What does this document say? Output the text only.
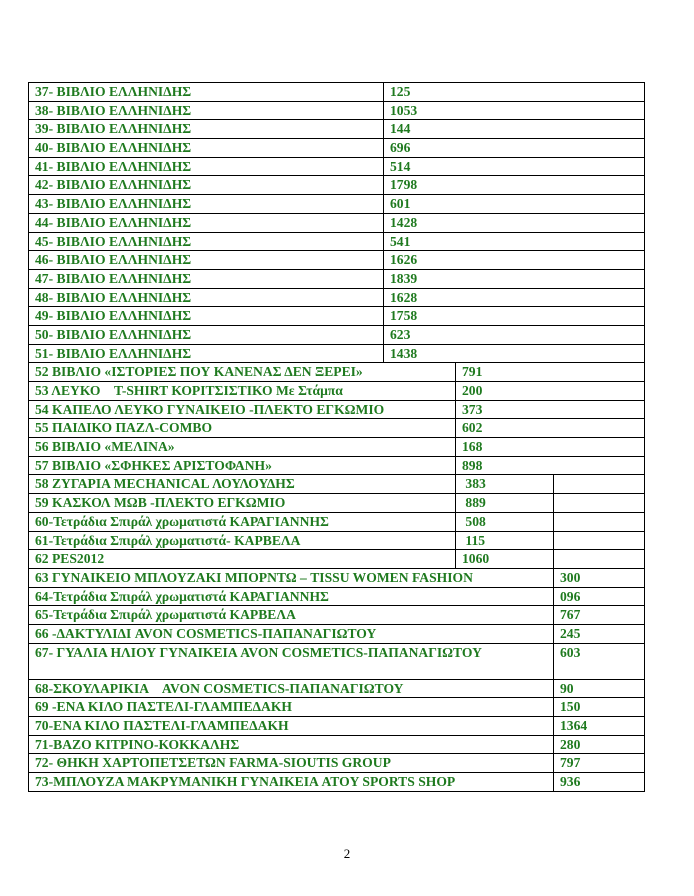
37- ΒΙΒΛΙΟ ΕΛΛΗΝΙΔΗΣ	125		
38- ΒΙΒΛΙΟ ΕΛΛΗΝΙΔΗΣ	1053		
39- ΒΙΒΛΙΟ ΕΛΛΗΝΙΔΗΣ	144		
40- ΒΙΒΛΙΟ ΕΛΛΗΝΙΔΗΣ	696		
41- ΒΙΒΛΙΟ ΕΛΛΗΝΙΔΗΣ	514		
42- ΒΙΒΛΙΟ ΕΛΛΗΝΙΔΗΣ	1798		
43- ΒΙΒΛΙΟ ΕΛΛΗΝΙΔΗΣ	601		
44- ΒΙΒΛΙΟ ΕΛΛΗΝΙΔΗΣ	1428		
45- ΒΙΒΛΙΟ ΕΛΛΗΝΙΔΗΣ	541		
46- ΒΙΒΛΙΟ ΕΛΛΗΝΙΔΗΣ	1626		
47- ΒΙΒΛΙΟ ΕΛΛΗΝΙΔΗΣ	1839		
48- ΒΙΒΛΙΟ ΕΛΛΗΝΙΔΗΣ	1628		
49- ΒΙΒΛΙΟ ΕΛΛΗΝΙΔΗΣ	1758		
50- ΒΙΒΛΙΟ ΕΛΛΗΝΙΔΗΣ	623		
51- ΒΙΒΛΙΟ ΕΛΛΗΝΙΔΗΣ	1438		
52 ΒΙΒΛΙΟ «ΙΣΤΟΡΙΕΣ ΠΟΥ ΚΑΝΕΝΑΣ ΔΕΝ ΞΕΡΕΙ»		791	
53 ΛΕΥΚΟ    T-SHIRT ΚΟΡΙΤΣΙΣΤΙΚΟ Με Στάμπα		200	
54 ΚΑΠΕΛΟ ΛΕΥΚΟ ΓΥΝΑΙΚΕΙΟ -ΠΛΕΚΤΟ ΕΓΚΩΜΙΟ		373	
55 ΠΑΙΔΙΚΟ ΠΑΖΛ-COMBO		602	
56 ΒΙΒΛΙΟ «ΜΕΛΙΝΑ»		168	
57 ΒΙΒΛΙΟ «ΣΦΗΚΕΣ ΑΡΙΣΤΟΦΑΝΗ»		898	
58 ΖΥΓΑΡΙΑ MECHANICAL ΛΟΥΛΟΥΔΗΣ		383	
59 ΚΑΣΚΟΛ ΜΩΒ -ΠΛΕΚΤΟ ΕΓΚΩΜΙΟ		889	
60-Τετράδια Σπιράλ χρωματιστά ΚΑΡΑΓΙΑΝΝΗΣ		508	
61-Τετράδια Σπιράλ χρωματιστά- ΚΑΡΒΕΛΑ		115	
62 PES2012		1060	
63 ΓΥΝΑΙΚΕΙΟ ΜΠΛΟΥΖΑΚΙ ΜΠΟΡΝΤΩ – TISSU WOMEN FASHION			300
64-Τετράδια Σπιράλ χρωματιστά ΚΑΡΑΓΙΑΝΝΗΣ			096
65-Τετράδια Σπιράλ χρωματιστά ΚΑΡΒΕΛΑ			767
66 -ΔΑΚΤΥΛΙΔΙ AVON COSMETICS-ΠΑΠΑΝΑΓΙΩΤΟΥ			245
67- ΓΥΑΛΙΑ ΗΛΙΟΥ ΓΥΝΑΙΚΕΙΑ AVON COSMETICS-ΠΑΠΑΝΑΓΙΩΤΟΥ			603
68-ΣΚΟΥΛΑΡΙΚΙΑ    AVON COSMETICS-ΠΑΠΑΝΑΓΙΩΤΟΥ			90
69 -ΕΝΑ ΚΙΛΟ ΠΑΣΤΕΛΙ-ΓΛΑΜΠΕΔΑΚΗ			150
70-ΕΝΑ ΚΙΛΟ ΠΑΣΤΕΛΙ-ΓΛΑΜΠΕΔΑΚΗ			1364
71-ΒΑΖΟ ΚΙΤΡΙΝΟ-ΚΟΚΚΑΛΗΣ			280
72- ΘΗΚΗ ΧΑΡΤΟΠΕΤΣΕΤΩΝ FARMA-SIOUTIS GROUP			797
73-ΜΠΛΟΥΖΑ ΜΑΚΡΥΜΑΝΙΚΗ ΓΥΝΑΙΚΕΙΑ ATOY SPORTS SHOP			936
2
